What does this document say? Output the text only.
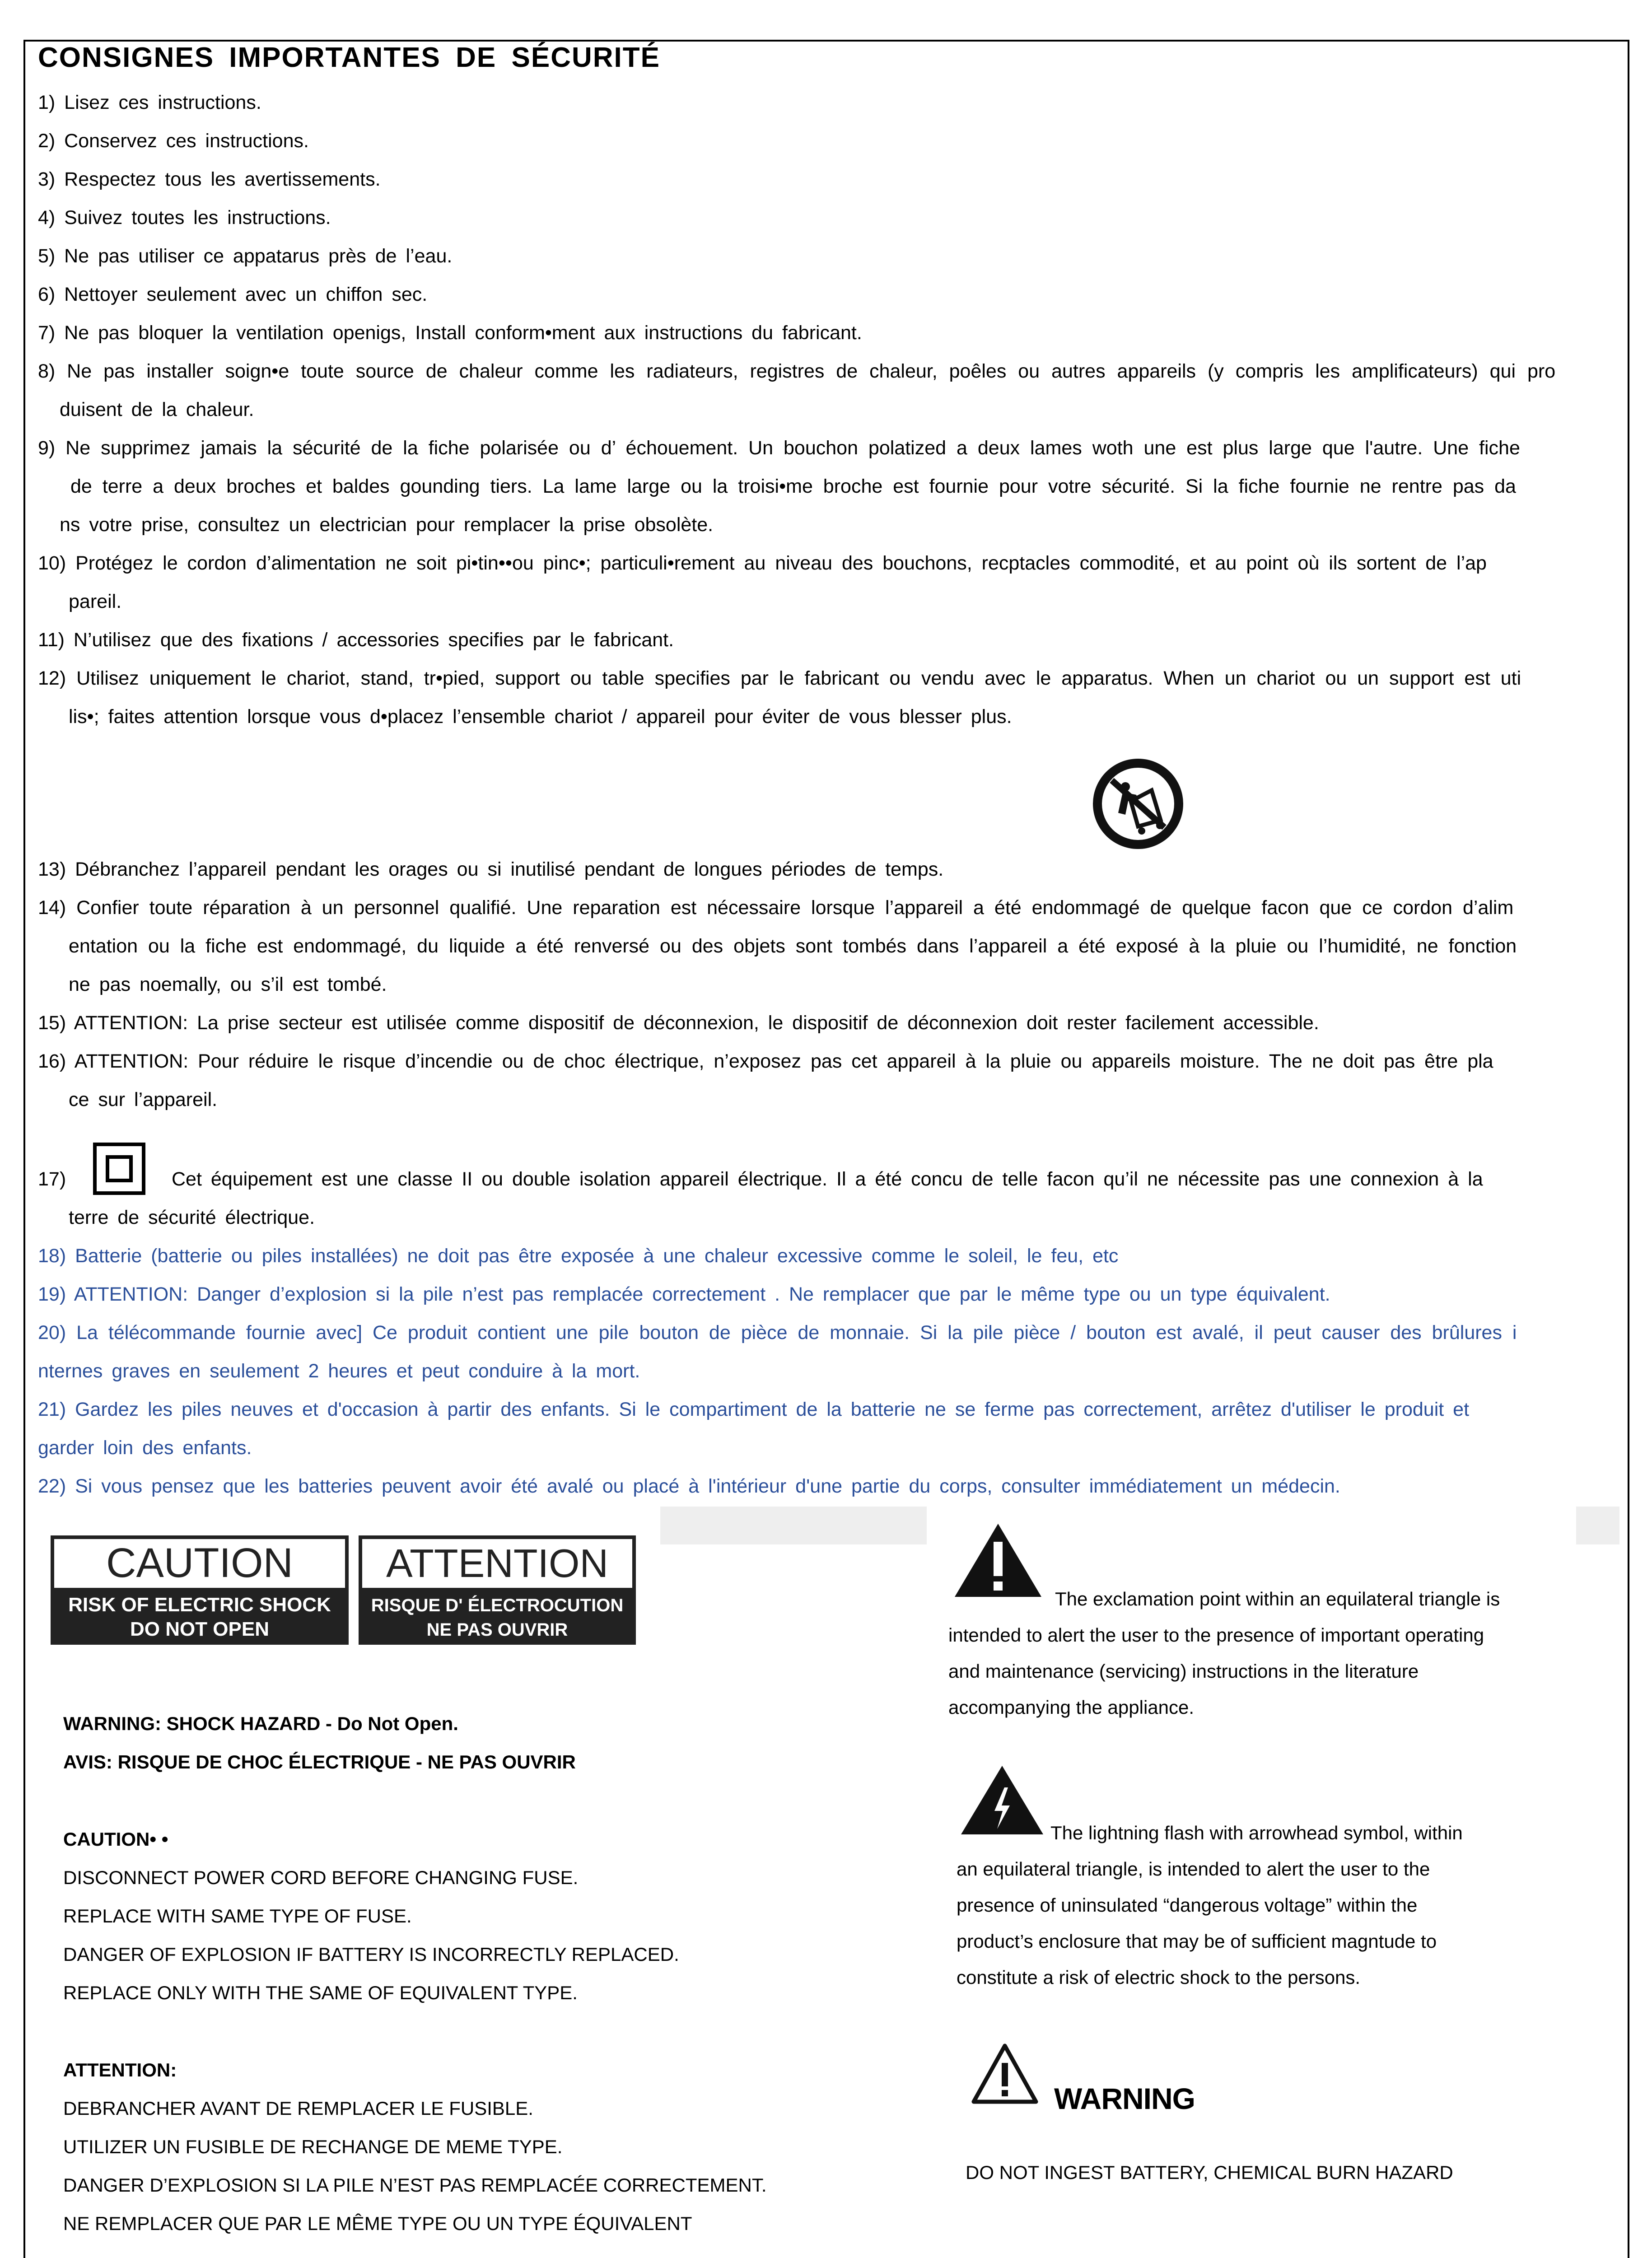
CONSIGNES IMPORTANTES DE SÉCURITÉ
1) Lisez ces instructions.
2) Conservez ces instructions.
3) Respectez tous les avertissements.
4) Suivez toutes les instructions.
5) Ne pas utiliser ce appatarus près de l’eau.
6) Nettoyer seulement avec un chiffon sec.
7) Ne pas bloquer la ventilation openigs, Install conform•ment aux instructions du fabricant.
8) Ne pas installer soign•e toute source de chaleur comme les radiateurs, registres de chaleur, poêles ou autres appareils (y compris les amplificateurs) qui pro
duisent de la chaleur.
9) Ne supprimez jamais la sécurité de la fiche polarisée ou d’ échouement. Un bouchon polatized a deux lames woth une est plus large que l'autre. Une fiche
de terre a deux broches et baldes gounding tiers. La lame large ou la troisi•me broche est fournie pour votre sécurité. Si la fiche fournie ne rentre pas da
ns votre prise, consultez un electrician pour remplacer la prise obsolète.
10) Protégez le cordon d’alimentation ne soit pi•tin••ou pinc•; particuli•rement au niveau des bouchons, recptacles commodité, et au point où ils sortent de l’ap
pareil.
11) N’utilisez que des fixations / accessories specifies par le fabricant.
12) Utilisez uniquement le chariot, stand, tr•pied, support ou table specifies par le fabricant ou vendu avec le apparatus. When un chariot ou un support est uti
lis•; faites attention lorsque vous d•placez l’ensemble chariot / appareil pour éviter de vous blesser plus.
13) Débranchez l’appareil pendant les orages ou si inutilisé pendant de longues périodes de temps.
14) Confier toute réparation à un personnel qualifié. Une reparation est nécessaire lorsque l’appareil a été endommagé de quelque facon que ce cordon d’alim
entation ou la fiche est endommagé, du liquide a été renversé ou des objets sont tombés dans l’appareil a été exposé à la pluie ou l’humidité, ne fonction
ne pas noemally, ou s’il est tombé.
15) ATTENTION: La prise secteur est utilisée comme dispositif de déconnexion, le dispositif de déconnexion doit rester facilement accessible.
16) ATTENTION: Pour réduire le risque d’incendie ou de choc électrique, n’exposez pas cet appareil à la pluie ou appareils moisture. The ne doit pas être pla
ce sur l’appareil.
17)	Cet équipement est une classe II ou double isolation appareil électrique. Il a été concu de telle facon qu’il ne nécessite pas une connexion à la
terre de sécurité électrique.
18) Batterie (batterie ou piles installées) ne doit pas être exposée à une chaleur excessive comme le soleil, le feu, etc
19) ATTENTION: Danger d’explosion si la pile n’est pas remplacée correctement . Ne remplacer que par le même type ou un type équivalent.
20) La télécommande fournie avec] Ce produit contient une pile bouton de pièce de monnaie. Si la pile pièce / bouton est avalé, il peut causer des brûlures i
nternes graves en seulement 2 heures et peut conduire à la mort.
21) Gardez les piles neuves et d'occasion à partir des enfants. Si le compartiment de la batterie ne se ferme pas correctement, arrêtez d'utiliser le produit et
garder loin des enfants.
22) Si vous pensez que les batteries peuvent avoir été avalé ou placé à l'intérieur d'une partie du corps, consulter immédiatement un médecin.
CAUTION
RISK OF ELECTRIC SHOCK
DO NOT OPEN
ATTENTION
RISQUE D' ÉLECTROCUTION
NE PAS OUVRIR
WARNING: SHOCK HAZARD - Do Not Open.
AVIS: RISQUE DE CHOC ÉLECTRIQUE - NE PAS OUVRIR
CAUTION• •
DISCONNECT POWER CORD BEFORE CHANGING FUSE.
REPLACE WITH SAME TYPE OF FUSE.
DANGER OF EXPLOSION IF BATTERY IS INCORRECTLY REPLACED.
REPLACE ONLY WITH THE SAME OF EQUIVALENT TYPE.
ATTENTION:
DEBRANCHER AVANT DE REMPLACER LE FUSIBLE.
UTILIZER UN FUSIBLE DE RECHANGE DE MEME TYPE.
DANGER D’EXPLOSION SI LA PILE N’EST PAS REMPLACÉE CORRECTEMENT.
NE REMPLACER QUE PAR LE MÊME TYPE OU UN TYPE ÉQUIVALENT
The exclamation point within an equilateral triangle is
intended to alert the user to the presence of important operating
and maintenance (servicing) instructions in the literature
accompanying the appliance.
The lightning flash with arrowhead symbol, within
an equilateral triangle, is intended to alert the user to the
presence of uninsulated “dangerous voltage” within the
product’s enclosure that may be of sufficient magntude to
constitute a risk of electric shock to the persons.
WARNING
DO NOT INGEST BATTERY, CHEMICAL BURN HAZARD
